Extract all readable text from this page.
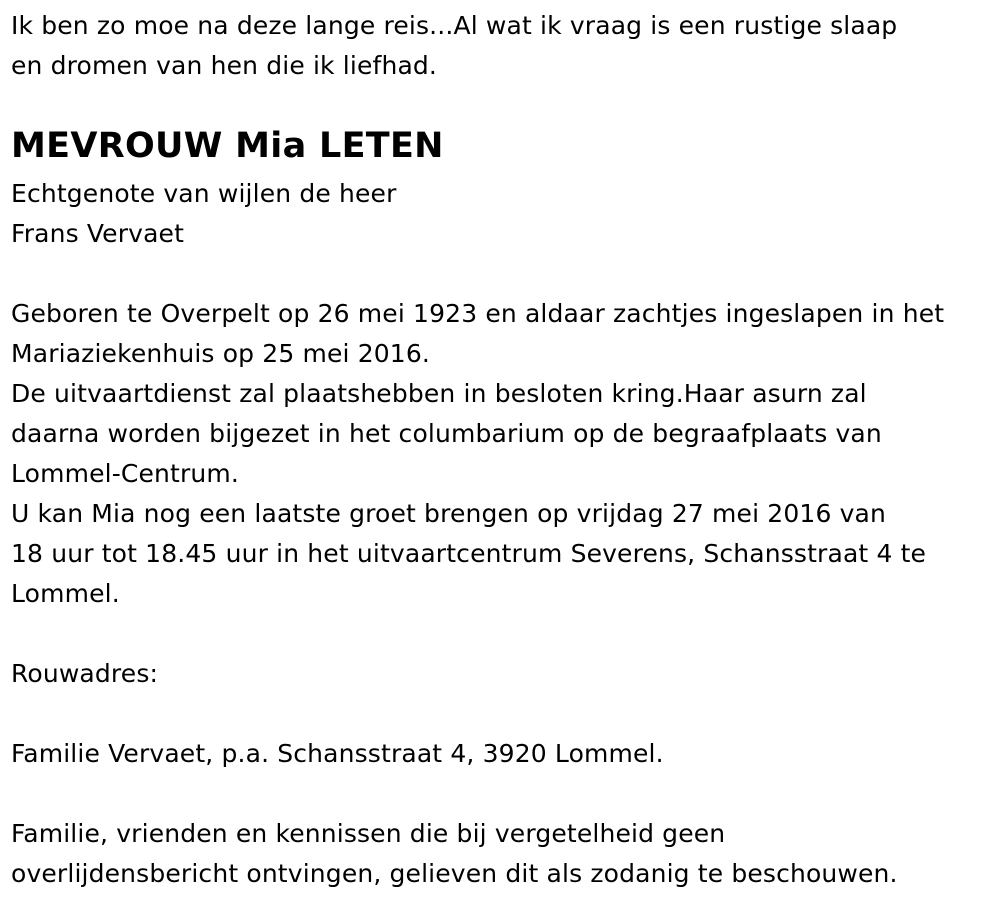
Ik ben zo moe na deze lange reis...Al wat ik vraag is een rustige slaap
en dromen van hen die ik liefhad.
MEVROUW Mia LETEN
Echtgenote van wijlen de heer
Frans Vervaet
Geboren te Overpelt op 26 mei 1923 en aldaar zachtjes ingeslapen in het
Mariaziekenhuis op 25 mei 2016.
De uitvaartdienst zal plaatshebben in besloten kring.Haar asurn zal
daarna worden bijgezet in het columbarium op de begraafplaats van
Lommel-Centrum.
U kan Mia nog een laatste groet brengen op vrijdag 27 mei 2016 van
18 uur tot 18.45 uur in het uitvaartcentrum Severens, Schansstraat 4 te
Lommel.
Rouwadres:
Familie Vervaet, p.a. Schansstraat 4, 3920 Lommel.
Familie, vrienden en kennissen die bij vergetelheid geen
overlijdensbericht ontvingen, gelieven dit als zodanig te beschouwen.
